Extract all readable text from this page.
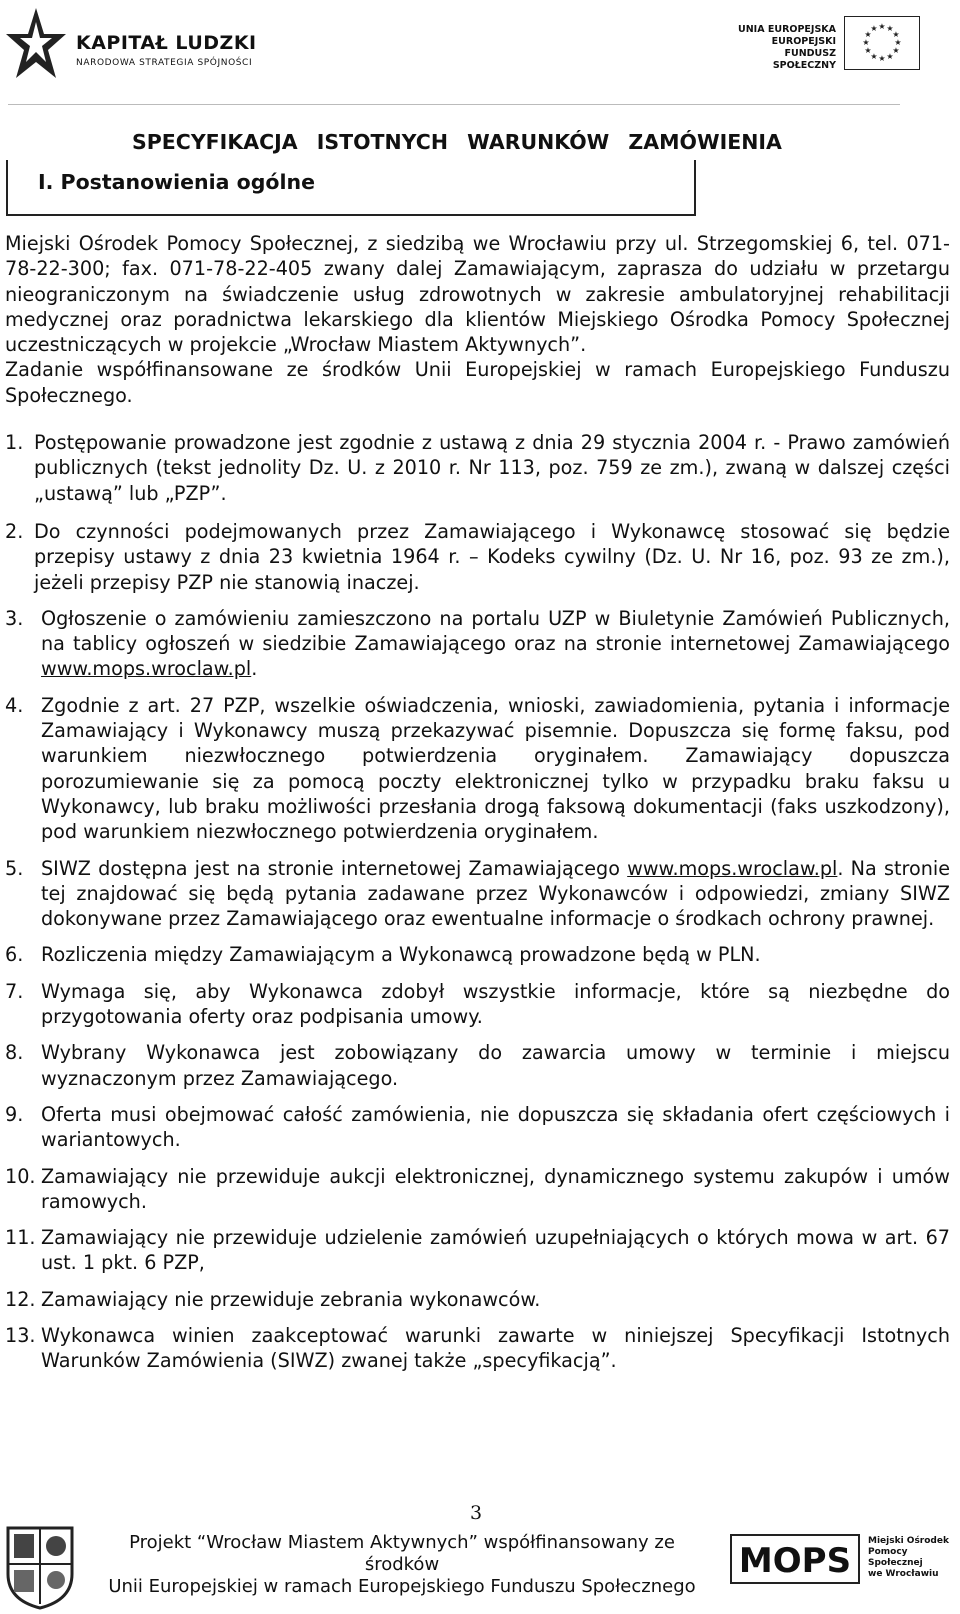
KAPITAŁ LUDZKI
NARODOWA STRATEGIA SPÓJNOŚCI
UNIA EUROPEJSKA
EUROPEJSKI
FUNDUSZ SPOŁECZNY
★ ★
★
★
★
★
★
★
★
★
★
★
SPECYFIKACJA ISTOTNYCH WARUNKÓW ZAMÓWIENIA
I. Postanowienia ogólne

Miejski Ośrodek Pomocy Społecznej, z siedzibą we Wrocławiu przy ul. Strzegomskiej 6, tel. 071-78-22-300; fax. 071-78-22-405 zwany dalej Zamawiającym, zaprasza do udziału w przetargu nieograniczonym na świadczenie usług zdrowotnych w zakresie ambulatoryjnej rehabilitacji medycznej oraz poradnictwa lekarskiego dla klientów Miejskiego Ośrodka Pomocy Społecznej uczestniczących w projekcie „Wrocław Miastem Aktywnych”.

Zadanie współfinansowane ze środków Unii Europejskiej w ramach Europejskiego Funduszu Społecznego.

1. Postępowanie prowadzone jest zgodnie z ustawą z dnia 29 stycznia 2004 r. - Prawo zamówień publicznych (tekst jednolity Dz. U. z 2010 r. Nr 113, poz. 759 ze zm.), zwaną w dalszej części „ustawą” lub „PZP”.
2. Do czynności podejmowanych przez Zamawiającego i Wykonawcę stosować się będzie przepisy ustawy z dnia 23 kwietnia 1964 r. – Kodeks cywilny (Dz. U. Nr 16, poz. 93 ze zm.), jeżeli przepisy PZP nie stanowią inaczej.
3. Ogłoszenie o zamówieniu zamieszczono na portalu UZP w Biuletynie Zamówień Publicznych, na tablicy ogłoszeń w siedzibie Zamawiającego oraz na stronie internetowej Zamawiającego www.mops.wroclaw.pl.
4. Zgodnie z art. 27 PZP, wszelkie oświadczenia, wnioski, zawiadomienia, pytania i informacje Zamawiający i Wykonawcy muszą przekazywać pisemnie. Dopuszcza się formę faksu, pod warunkiem niezwłocznego potwierdzenia oryginałem. Zamawiający dopuszcza porozumiewanie się za pomocą poczty elektronicznej tylko w przypadku braku faksu u Wykonawcy, lub braku możliwości przesłania drogą faksową dokumentacji (faks uszkodzony), pod warunkiem niezwłocznego potwierdzenia oryginałem.
5. SIWZ dostępna jest na stronie internetowej Zamawiającego www.mops.wroclaw.pl. Na stronie tej znajdować się będą pytania zadawane przez Wykonawców i odpowiedzi, zmiany SIWZ dokonywane przez Zamawiającego oraz ewentualne informacje o środkach ochrony prawnej.
6. Rozliczenia między Zamawiającym a Wykonawcą prowadzone będą w PLN.
7. Wymaga się, aby Wykonawca zdobył wszystkie informacje, które są niezbędne do przygotowania oferty oraz podpisania umowy.
8. Wybrany Wykonawca jest zobowiązany do zawarcia umowy w terminie i miejscu wyznaczonym przez Zamawiającego.
9. Oferta musi obejmować całość zamówienia, nie dopuszcza się składania ofert częściowych i wariantowych.
10. Zamawiający nie przewiduje aukcji elektronicznej, dynamicznego systemu zakupów i umów ramowych.
11. Zamawiający nie przewiduje udzielenie zamówień uzupełniających o których mowa w art. 67 ust. 1 pkt. 6 PZP,
12. Zamawiający nie przewiduje zebrania wykonawców.
13. Wykonawca winien zaakceptować warunki zawarte w niniejszej Specyfikacji Istotnych Warunków Zamówienia (SIWZ) zwanej także „specyfikacją”.
3
Projekt “Wrocław Miastem Aktywnych” współfinansowany ze środków
Unii Europejskiej w ramach Europejskiego Funduszu Społecznego
MOPS Miejski Ośrodek
Pomocy Społecznej
we Wrocławiu
